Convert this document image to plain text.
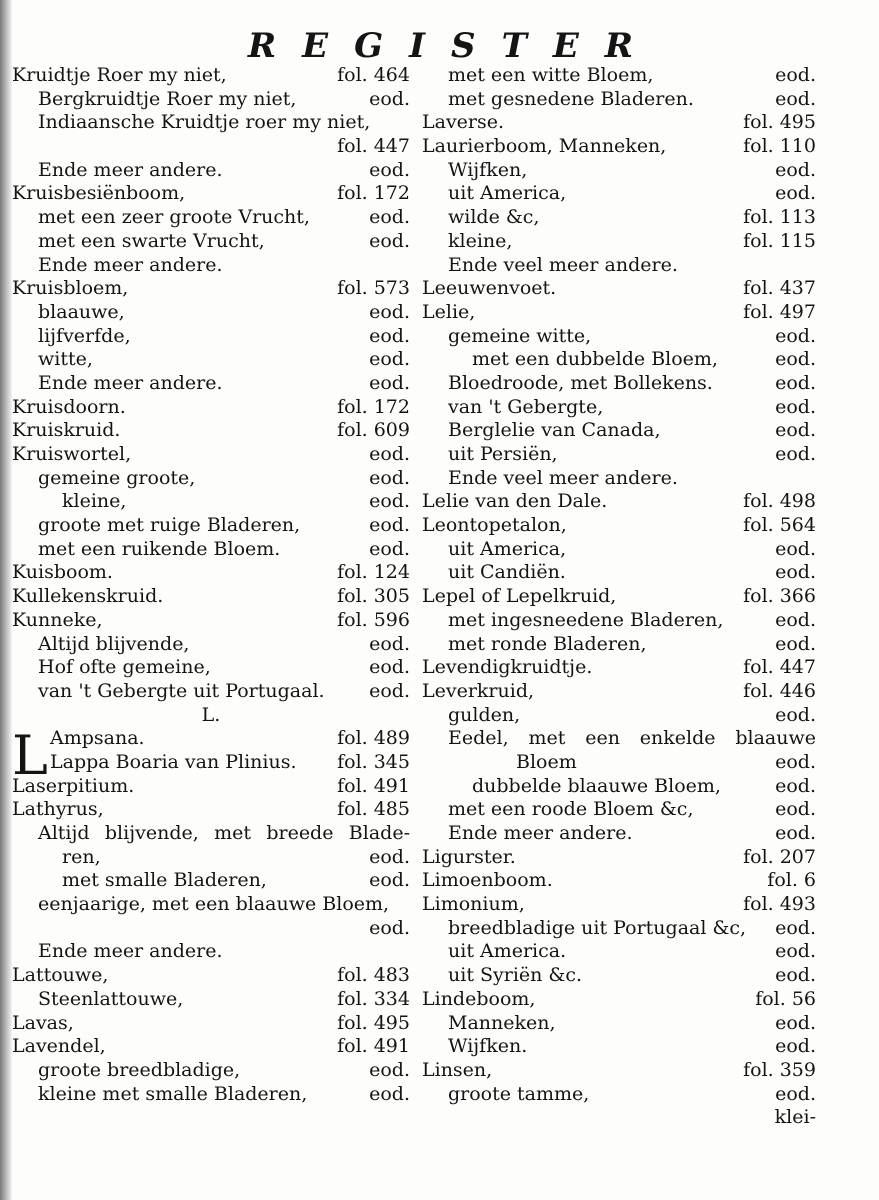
REGISTER
Kruidtje Roer my niet,	fol. 464
Bergkruidtje Roer my niet,	eod.
Indiaansche Kruidtje roer my niet,
fol. 447
Ende meer andere.	eod.
Kruisbesiënboom,	fol. 172
met een zeer groote Vrucht,	eod.
met een swarte Vrucht,	eod.
Ende meer andere.
Kruisbloem,	fol. 573
blaauwe,	eod.
lijfverfde,	eod.
witte,	eod.
Ende meer andere.	eod.
Kruisdoorn.	fol. 172
Kruiskruid.	fol. 609
Kruiswortel,	eod.
gemeine groote,	eod.
kleine,	eod.
groote met ruige Bladeren,	eod.
met een ruikende Bloem.	eod.
Kuisboom.	fol. 124
Kullekenskruid.	fol. 305
Kunneke,	fol. 596
Altijd blijvende,	eod.
Hof ofte gemeine,	eod.
van 't Gebergte uit Portugaal. eod.
L.
Ampsana.	fol. 489
L Lappa Boaria van Plinius. fol. 345
Laserpitium.	fol. 491
Lathyrus,	fol. 485
Altijd blijvende, met breede Blade-
ren,	eod.
met smalle Bladeren,	eod.
eenjaarige, met een blaauwe Bloem,
eod.
Ende meer andere.
Lattouwe,	fol. 483
Steenlattouwe,	fol. 334
Lavas,	fol. 495
Lavendel,	fol. 491
groote breedbladige,	eod.
kleine met smalle Bladeren,	eod.
met een witte Bloem,	eod.
met gesnedene Bladeren.	eod.
Laverse.	fol. 495
Laurierboom, Manneken,	fol. 110
Wijfken,	eod.
uit America,	eod.
wilde &c,	fol. 113
kleine,	fol. 115
Ende veel meer andere.
Leeuwenvoet.	fol. 437
Lelie,	fol. 497
gemeine witte,	eod.
met een dubbelde Bloem,	eod.
Bloedroode, met Bollekens.	eod.
van 't Gebergte,	eod.
Berglelie van Canada,	eod.
uit Persiën,	eod.
Ende veel meer andere.
Lelie van den Dale.	fol. 498
Leontopetalon,	fol. 564
uit America,	eod.
uit Candiën.	eod.
Lepel of Lepelkruid,	fol. 366
met ingesneedene Bladeren,	eod.
met ronde Bladeren,	eod.
Levendigkruidtje.	fol. 447
Leverkruid,	fol. 446
gulden,	eod.
Eedel, met een enkelde blaauwe
Bloem	eod.
dubbelde blaauwe Bloem,	eod.
met een roode Bloem &c,	eod.
Ende meer andere.	eod.
Ligurster.	fol. 207
Limoenboom.	fol. 6
Limonium,	fol. 493
breedbladige uit Portugaal &c, eod.
uit America.	eod.
uit Syriën &c.	eod.
Lindeboom,	fol. 56
Manneken,	eod.
Wijfken.	eod.
Linsen,	fol. 359
groote tamme,	eod.
klei-
